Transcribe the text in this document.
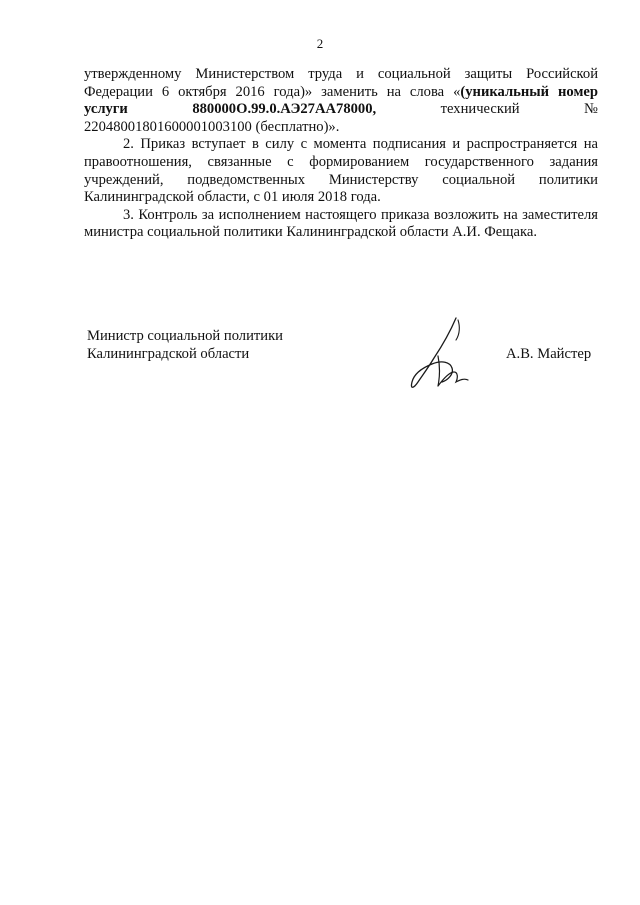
2
утвержденному Министерством труда и социальной защиты Российской
Федерации 6 октября 2016 года)» заменить на слова «(уникальный номер
услуги	880000О.99.0.АЭ27АА78000,	технический	№
22048001801600001003100 (бесплатно)».

2. Приказ вступает в силу с момента подписания и распространяется на правоотношения, связанные с формированием государственного задания учреждений, подведомственных Министерству социальной политики Калининградской области, с 01 июля 2018 года.

3. Контроль за исполнением настоящего приказа возложить на заместителя министра социальной политики Калининградской области А.И. Фещака.

Министр социальной политики
Калининградской области	А.В. Майстер
